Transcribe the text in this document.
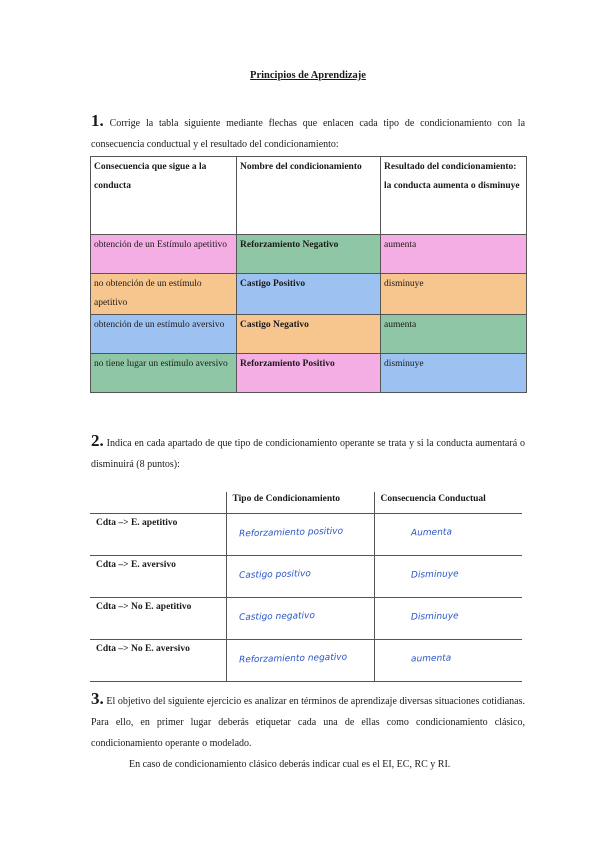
Principios de Aprendizaje
1. Corrige la tabla siguiente mediante flechas que enlacen cada tipo de condicionamiento con la consecuencia conductual y el resultado del condicionamiento:
Consecuencia que sigue a la conducta	Nombre del condicionamiento	Resultado del condicionamiento: la conducta aumenta o disminuye
obtención de un Estímulo apetitivo	Reforzamiento Negativo	aumenta
no obtención de un estímulo apetitivo	Castigo Positivo	disminuye
obtención de un estímulo aversivo	Castigo Negativo	aumenta
no tiene lugar un estímulo aversivo	Reforzamiento Positivo	disminuye
2. Indica en cada apartado de que tipo de condicionamiento operante se trata y si la conducta aumentará o disminuirá (8 puntos):
	Tipo de Condicionamiento	Consecuencia Conductual
Cdta –> E. apetitivo	Reforzamiento positivo	Aumenta
Cdta –> E. aversivo	Castigo positivo	Disminuye
Cdta –> No E. apetitivo	Castigo negativo	Disminuye
Cdta –> No E. aversivo	Reforzamiento negativo	aumenta
3. El objetivo del siguiente ejercicio es analizar en términos de aprendizaje diversas situaciones cotidianas. Para ello, en primer lugar deberás etiquetar cada una de ellas como condicionamiento clásico, condicionamiento operante o modelado.
En caso de condicionamiento clásico deberás indicar cual es el EI, EC, RC y RI.
